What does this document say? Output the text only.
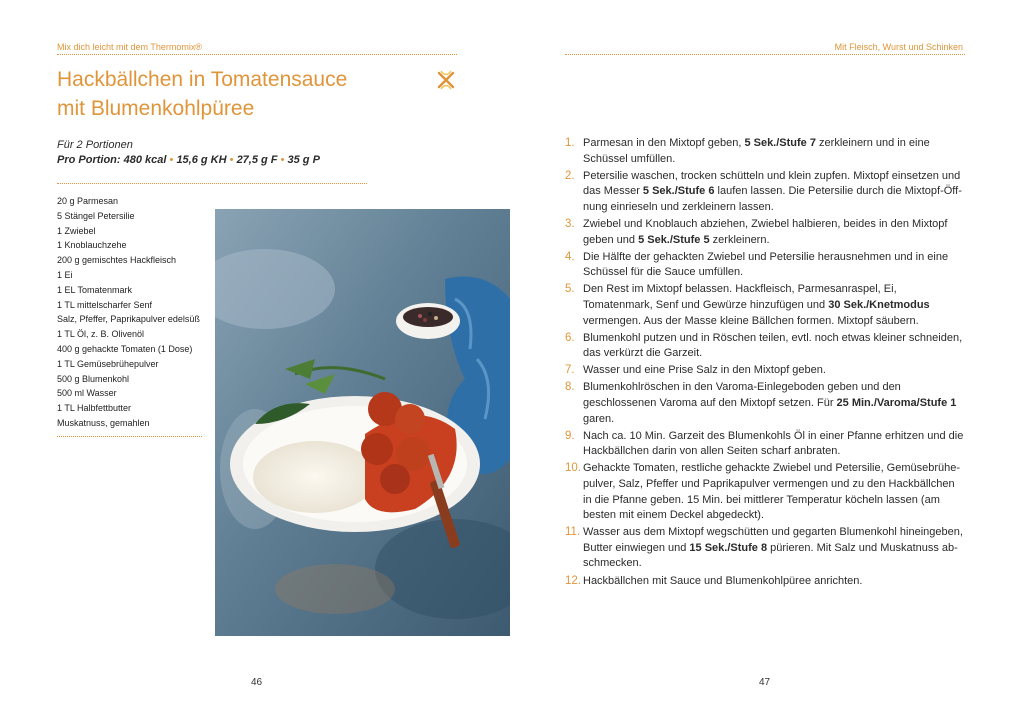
Mix dich leicht mit dem Thermomix®
Hackbällchen in Tomatensauce
mit Blumenkohlpüree
Für 2 Portionen
Pro Portion: 480 kcal • 15,6 g KH • 27,5 g F • 35 g P
20 g Parmesan
5 Stängel Petersilie
1 Zwiebel
1 Knoblauchzehe
200 g gemischtes Hackfleisch
1 Ei
1 EL Tomatenmark
1 TL mittelscharfer Senf
Salz, Pfeffer, Paprikapulver edelsüß
1 TL Öl, z. B. Olivenöl
400 g gehackte Tomaten (1 Dose)
1 TL Gemüsebrühepulver
500 g Blumenkohl
500 ml Wasser
1 TL Halbfettbutter
Muskatnuss, gemahlen
46
Mit Fleisch, Wurst und Schinken
47
1. Parmesan in den Mixtopf geben, 5 Sek./Stufe 7 zerkleinern und in eine Schüssel umfüllen.
2. Petersilie waschen, trocken schütteln und klein zupfen. Mixtopf einsetzen und das Messer 5 Sek./Stufe 6 laufen lassen. Die Petersilie durch die Mixtopf-Öffnung einrieseln und zerkleinern lassen.
3. Zwiebel und Knoblauch abziehen, Zwiebel halbieren, beides in den Mixtopf geben und 5 Sek./Stufe 5 zerkleinern.
4. Die Hälfte der gehackten Zwiebel und Petersilie herausnehmen und in eine Schüssel für die Sauce umfüllen.
5. Den Rest im Mixtopf belassen. Hackfleisch, Parmesanraspel, Ei, Tomatenmark, Senf und Gewürze hinzufügen und 30 Sek./Knetmodus vermengen. Aus der Masse kleine Bällchen formen. Mixtopf säubern.
6. Blumenkohl putzen und in Röschen teilen, evtl. noch etwas kleiner schneiden, das verkürzt die Garzeit.
7. Wasser und eine Prise Salz in den Mixtopf geben.
8. Blumenkohlröschen in den Varoma-Einlegeboden geben und den geschlossenen Varoma auf den Mixtopf setzen. Für 25 Min./Varoma/Stufe 1 garen.
9. Nach ca. 10 Min. Garzeit des Blumenkohls Öl in einer Pfanne erhitzen und die Hackbällchen darin von allen Seiten scharf anbraten.
10. Gehackte Tomaten, restliche gehackte Zwiebel und Petersilie, Gemüsebrühepulver, Salz, Pfeffer und Paprikapulver vermengen und zu den Hackbällchen in die Pfanne geben. 15 Min. bei mittlerer Temperatur köcheln lassen (am besten mit einem Deckel abgedeckt).
11. Wasser aus dem Mixtopf wegschütten und gegarten Blumenkohl hineingeben, Butter einwiegen und 15 Sek./Stufe 8 pürieren. Mit Salz und Muskatnuss abschmecken.
12. Hackbällchen mit Sauce und Blumenkohlpüree anrichten.
